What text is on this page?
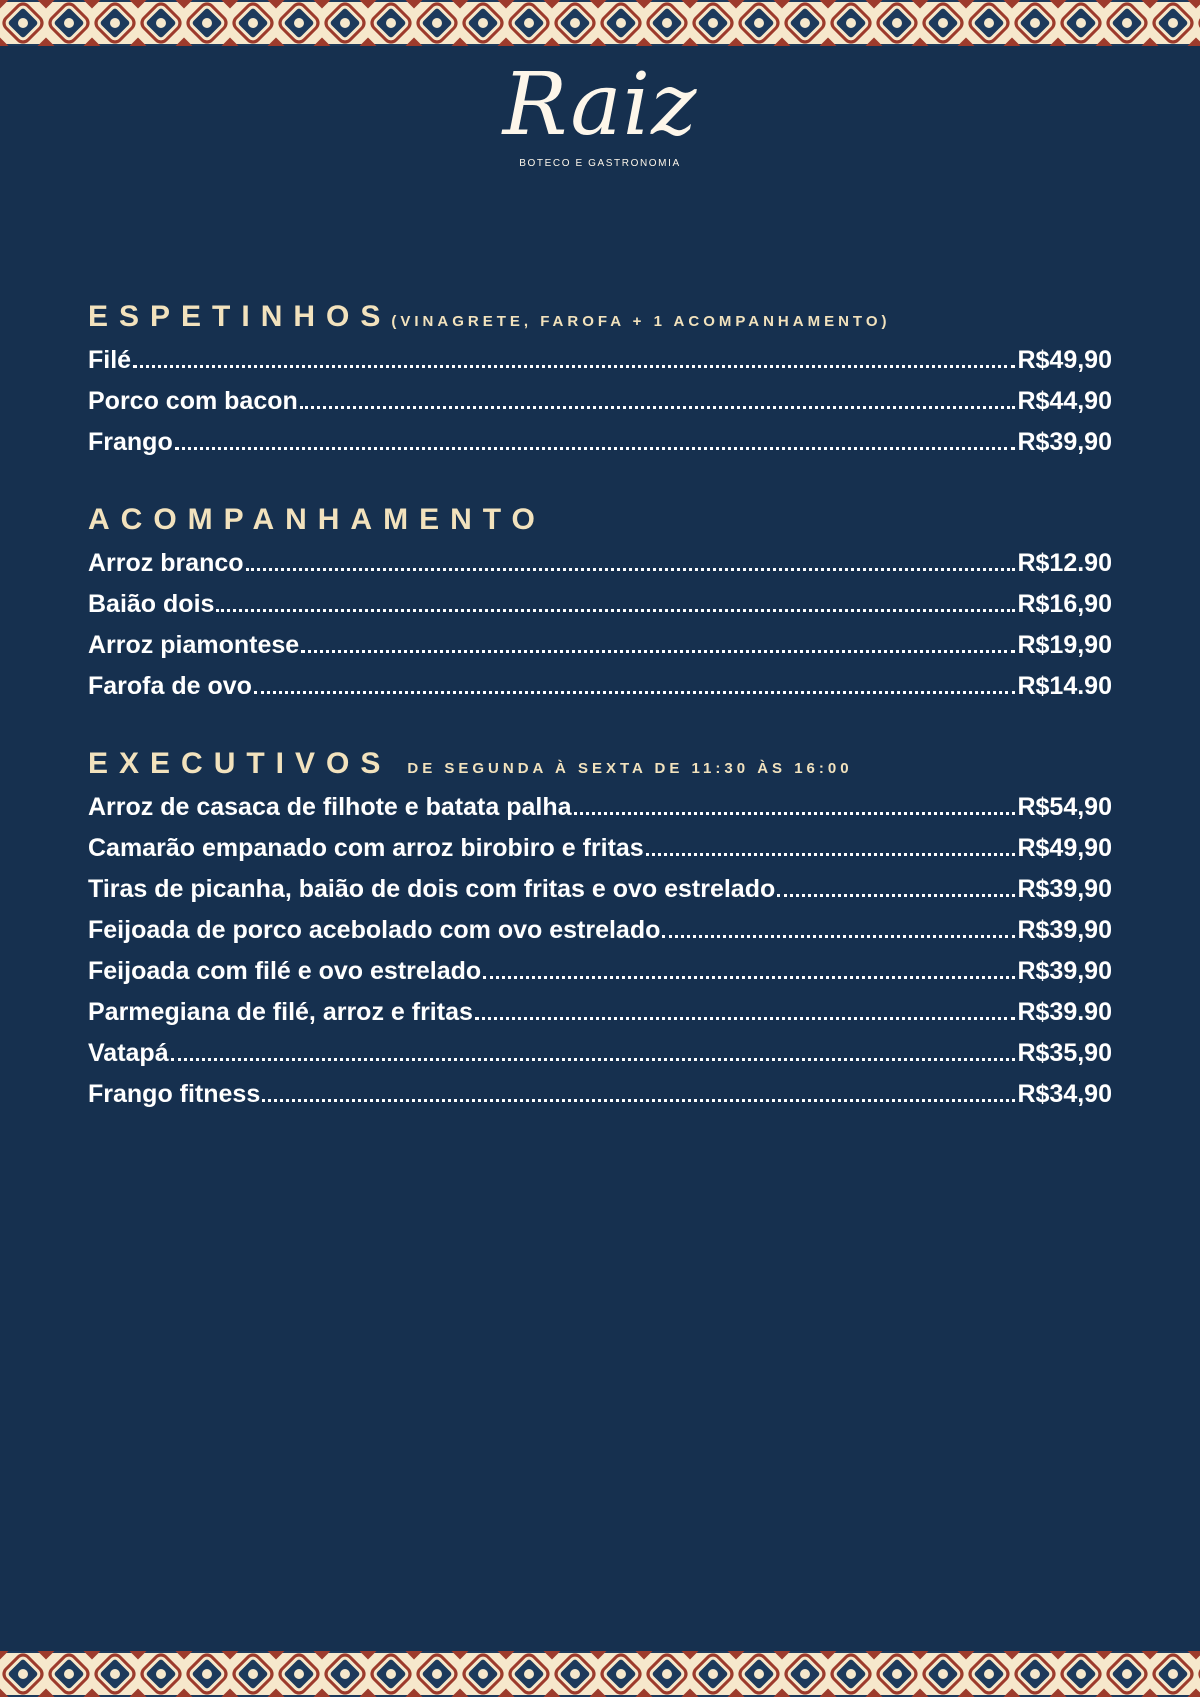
Raiz
BOTECO E GASTRONOMIA
ESPETINHOS (VINAGRETE, FAROFA + 1 ACOMPANHAMENTO)
Filé	R$49,90
Porco com bacon	R$44,90
Frango	R$39,90
ACOMPANHAMENTO
Arroz branco	R$12.90
Baião dois	R$16,90
Arroz piamontese	R$19,90
Farofa de ovo	R$14.90
EXECUTIVOS DE SEGUNDA À SEXTA DE 11:30 ÀS 16:00
Arroz de casaca de filhote e batata palha	R$54,90
Camarão empanado com arroz birobiro e fritas	R$49,90
Tiras de picanha, baião de dois com fritas e ovo estrelado	R$39,90
Feijoada de porco acebolado com ovo estrelado	R$39,90
Feijoada com filé e ovo estrelado	R$39,90
Parmegiana de filé, arroz e fritas	R$39.90
Vatapá	R$35,90
Frango fitness	R$34,90
